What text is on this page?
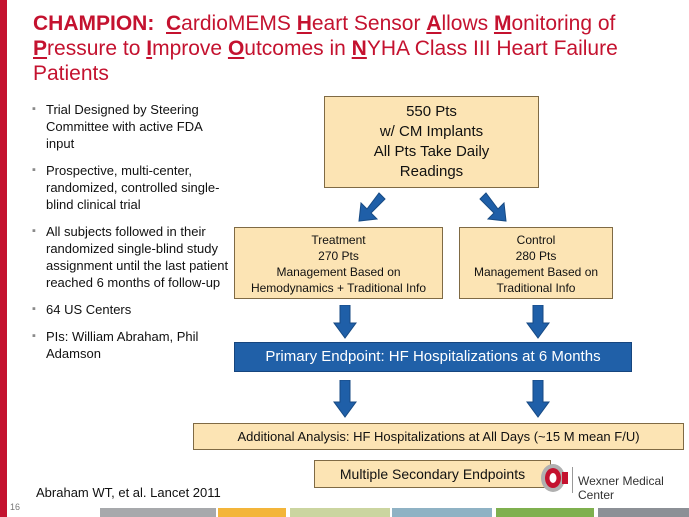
CHAMPION: CardioMEMS Heart Sensor Allows Monitoring of Pressure to Improve Outcomes in NYHA Class III Heart Failure Patients
▪ Trial Designed by Steering Committee with active FDA input
▪ Prospective, multi-center, randomized, controlled single-blind clinical trial
▪ All subjects followed in their randomized single-blind study assignment until the last patient reached 6 months of follow-up
▪ 64 US Centers
▪ PIs: William Abraham, Phil Adamson
550 Pts
w/ CM Implants
All Pts Take Daily
Readings
Treatment
270 Pts
Management Based on
Hemodynamics + Traditional Info
Control
280 Pts
Management Based on
Traditional Info
Primary Endpoint: HF Hospitalizations at 6 Months
Additional Analysis: HF Hospitalizations at All Days (~15 M mean F/U)
Multiple Secondary Endpoints	Wexner Medical Center
Abraham WT, et al. Lancet 2011
16
